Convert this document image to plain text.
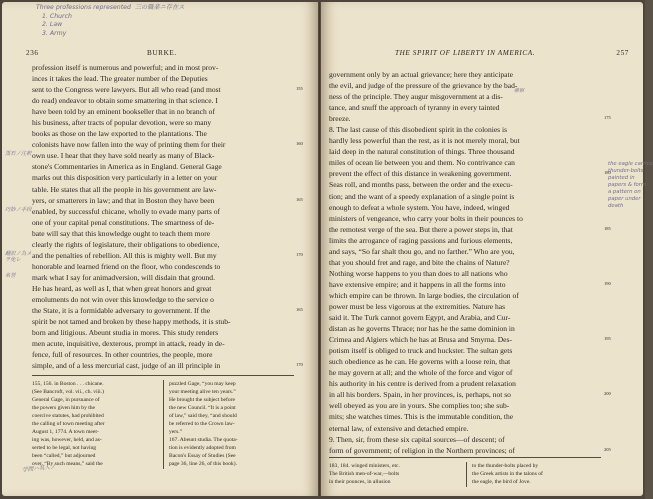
Three professions represented 三の職業ニ存在ス
1. Church
2. Law
3. Army
236	BURKE.
profession itself is numerous and powerful; and in most prov-
inces it takes the lead. The greater number of the Deputies
sent to the Congress were lawyers. But all who read (and most
do read) endeavor to obtain some smattering in that science. I
have been told by an eminent bookseller that in no branch of
his business, after tracts of popular devotion, were so many
books as those on the law exported to the plantations. The
colonists have now fallen into the way of printing them for their
own use. I hear that they have sold nearly as many of Black-
stone's Commentaries in America as in England. General Gage
marks out this disposition very particularly in a letter on your
table. He states that all the people in his government are law-
yers, or smatterers in law; and that in Boston they have been
enabled, by successful chicane, wholly to evade many parts of
one of your capital penal constitutions. The smartness of de-
bate will say that this knowledge ought to teach them more
clearly the rights of legislature, their obligations to obedience,
and the penalties of rebellion. All this is mighty well. But my
honorable and learned friend on the floor, who condescends to
mark what I say for animadversion, will disdain that ground.
He has heard, as well as I, that when great honors and great
emoluments do not win over this knowledge to the service o
the State, it is a formidable adversary to government. If the
spirit be not tamed and broken by these happy methods, it is stub-
born and litigious. Abeunt studia in mores. This study renders
men acute, inquisitive, dexterous, prompt in attack, ready in de-
fence, full of resources. In other countries, the people, more
simple, and of a less mercurial cast, judge of an ill principle in
155
160
165
170
165
170
黒石ノ注釈
巧妙ノ手段
翻訳ノ為メ
ヲ免レ
名誉
155, 156. in Boston . . . chicane.
(See Bancroft, vol. vii., ch. viii.)
General Gage, in pursuance of
the powers given him by the
coercive statutes, had prohibited
the calling of town meeting after
August 1, 1774. A town meet-
ing was, however, held, and as-
serted to be legal, not having
been “called,” but adjourned
over. “By such means,” said the
puzzled Gage, “you may keep
your meeting alive ten years.”
He brought the subject before
the new Council. “It is a point
of law,” said they, “and should
be referred to the Crown law-
yers.”
167. Abeunt studia. The quota-
tion is evidently adopted from
Bacon's Essay of Studies (See
page 36, line 26, of this book).
学問ハ其人ノ
THE SPIRIT OF LIBERTY IN AMERICA.	257
推察
government only by an actual grievance; here they anticipate
the evil, and judge of the pressure of the grievance by the bad-
ness of the principle. They augur misgovernment at a dis-
tance, and snuff the approach of tyranny in every tainted
breeze.
8. The last cause of this disobedient spirit in the colonies is
hardly less powerful than the rest, as it is not merely moral, but
laid deep in the natural constitution of things. Three thousand
miles of ocean lie between you and them. No contrivance can
prevent the effect of this distance in weakening government.
Seas roll, and months pass, between the order and the execu-
tion; and the want of a speedy explanation of a single point is
enough to defeat a whole system. You have, indeed, winged
ministers of vengeance, who carry your bolts in their pounces to
the remotest verge of the sea. But there a power steps in, that
limits the arrogance of raging passions and furious elements,
and says, “So far shalt thou go, and no farther.” Who are you,
that you should fret and rage, and bite the chains of Nature?
Nothing worse happens to you than does to all nations who
have extensive empire; and it happens in all the forms into
which empire can be thrown. In large bodies, the circulation of
power must be less vigorous at the extremities. Nature has
said it. The Turk cannot govern Egypt, and Arabia, and Cur-
distan as he governs Thrace; nor has he the same dominion in
Crimea and Algiers which he has at Brusa and Smyrna. Des-
potism itself is obliged to truck and huckster. The sultan gets
such obedience as he can. He governs with a loose rein, that
he may govern at all; and the whole of the force and vigor of
his authority in his centre is derived from a prudent relaxation
in all his borders. Spain, in her provinces, is, perhaps, not so
well obeyed as you are in yours. She complies too; she sub-
mits; she watches times. This is the immutable condition, the
eternal law, of extensive and detached empire.
9. Then, sir, from these six capital sources—of descent; of
form of government; of religion in the Northern provinces; of
175
180
185
190
195
200
205
the eagle carries
thunder-bolts
painted in
papers & form
a pattern on
paper under
death
183, 184. winged ministers, etc.
The British men-of-war,—bolts
in their pounces, in allusion
to the thunder-bolts placed by
the Greek artists in the talons of
the eagle, the bird of Jove.
